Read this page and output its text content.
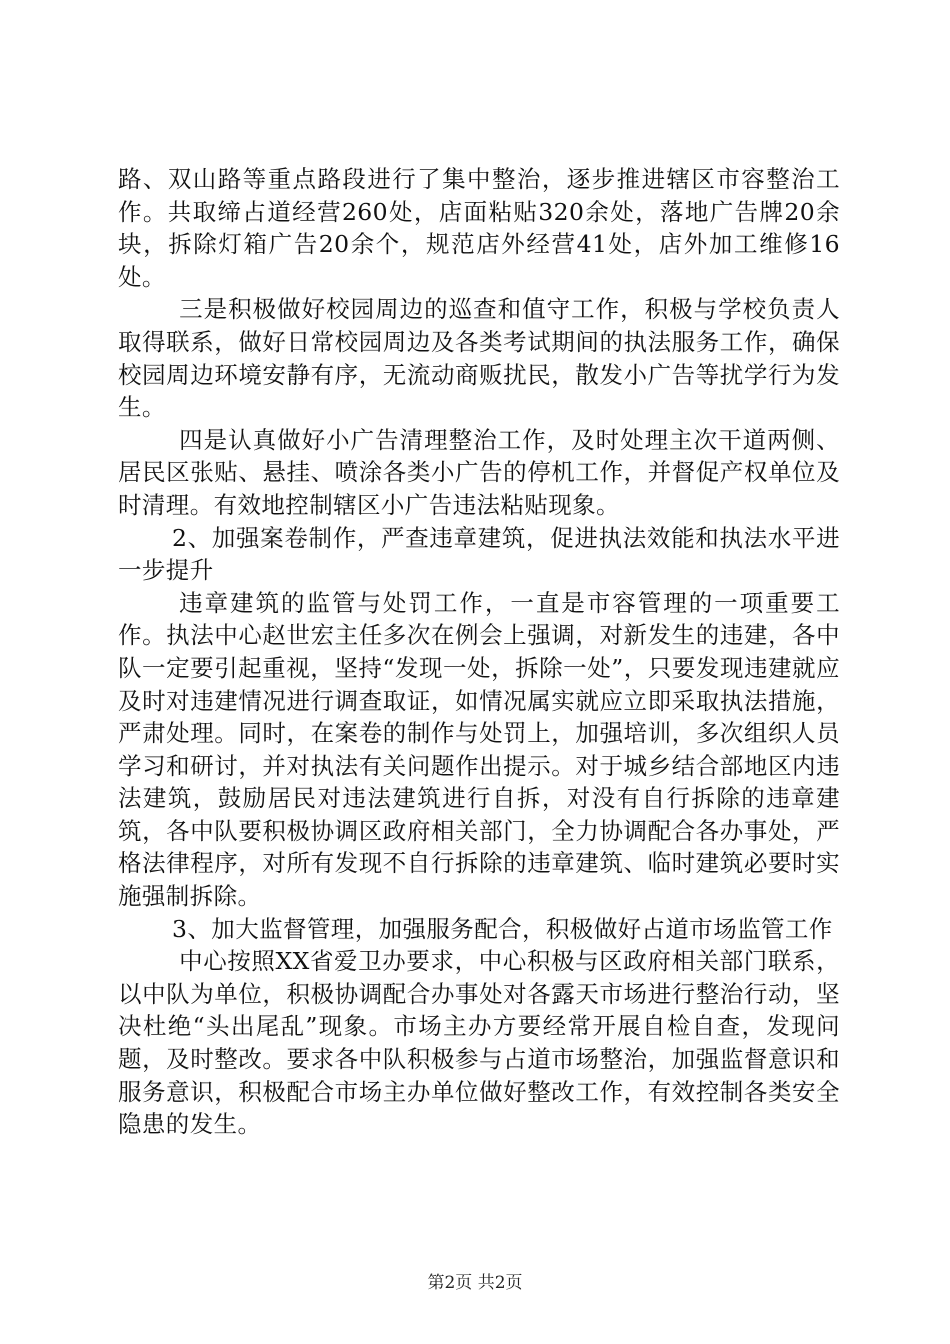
路、双山路等重点路段进行了集中整治，逐步推进辖区市容整治工作。共取缔占道经营260处，店面粘贴320余处，落地广告牌20余块，拆除灯箱广告20余个，规范店外经营41处，店外加工维修16处。

三是积极做好校园周边的巡查和值守工作，积极与学校负责人取得联系，做好日常校园周边及各类考试期间的执法服务工作，确保校园周边环境安静有序，无流动商贩扰民，散发小广告等扰学行为发生。

四是认真做好小广告清理整治工作，及时处理主次干道两侧、居民区张贴、悬挂、喷涂各类小广告的停机工作，并督促产权单位及时清理。有效地控制辖区小广告违法粘贴现象。

2、加强案卷制作，严查违章建筑，促进执法效能和执法水平进一步提升

违章建筑的监管与处罚工作，一直是市容管理的一项重要工作。执法中心赵世宏主任多次在例会上强调，对新发生的违建，各中队一定要引起重视，坚持“发现一处，拆除一处”，只要发现违建就应及时对违建情况进行调查取证，如情况属实就应立即采取执法措施，严肃处理。同时，在案卷的制作与处罚上，加强培训，多次组织人员学习和研讨，并对执法有关问题作出提示。对于城乡结合部地区内违法建筑，鼓励居民对违法建筑进行自拆，对没有自行拆除的违章建筑，各中队要积极协调区政府相关部门，全力协调配合各办事处，严格法律程序，对所有发现不自行拆除的违章建筑、临时建筑必要时实施强制拆除。

3、加大监督管理，加强服务配合，积极做好占道市场监管工作

中心按照XX省爱卫办要求，中心积极与区政府相关部门联系，以中队为单位，积极协调配合办事处对各露天市场进行整治行动，坚决杜绝“头出尾乱”现象。市场主办方要经常开展自检自查，发现问题，及时整改。要求各中队积极参与占道市场整治，加强监督意识和服务意识，积极配合市场主办单位做好整改工作，有效控制各类安全隐患的发生。

第2页 共2页
